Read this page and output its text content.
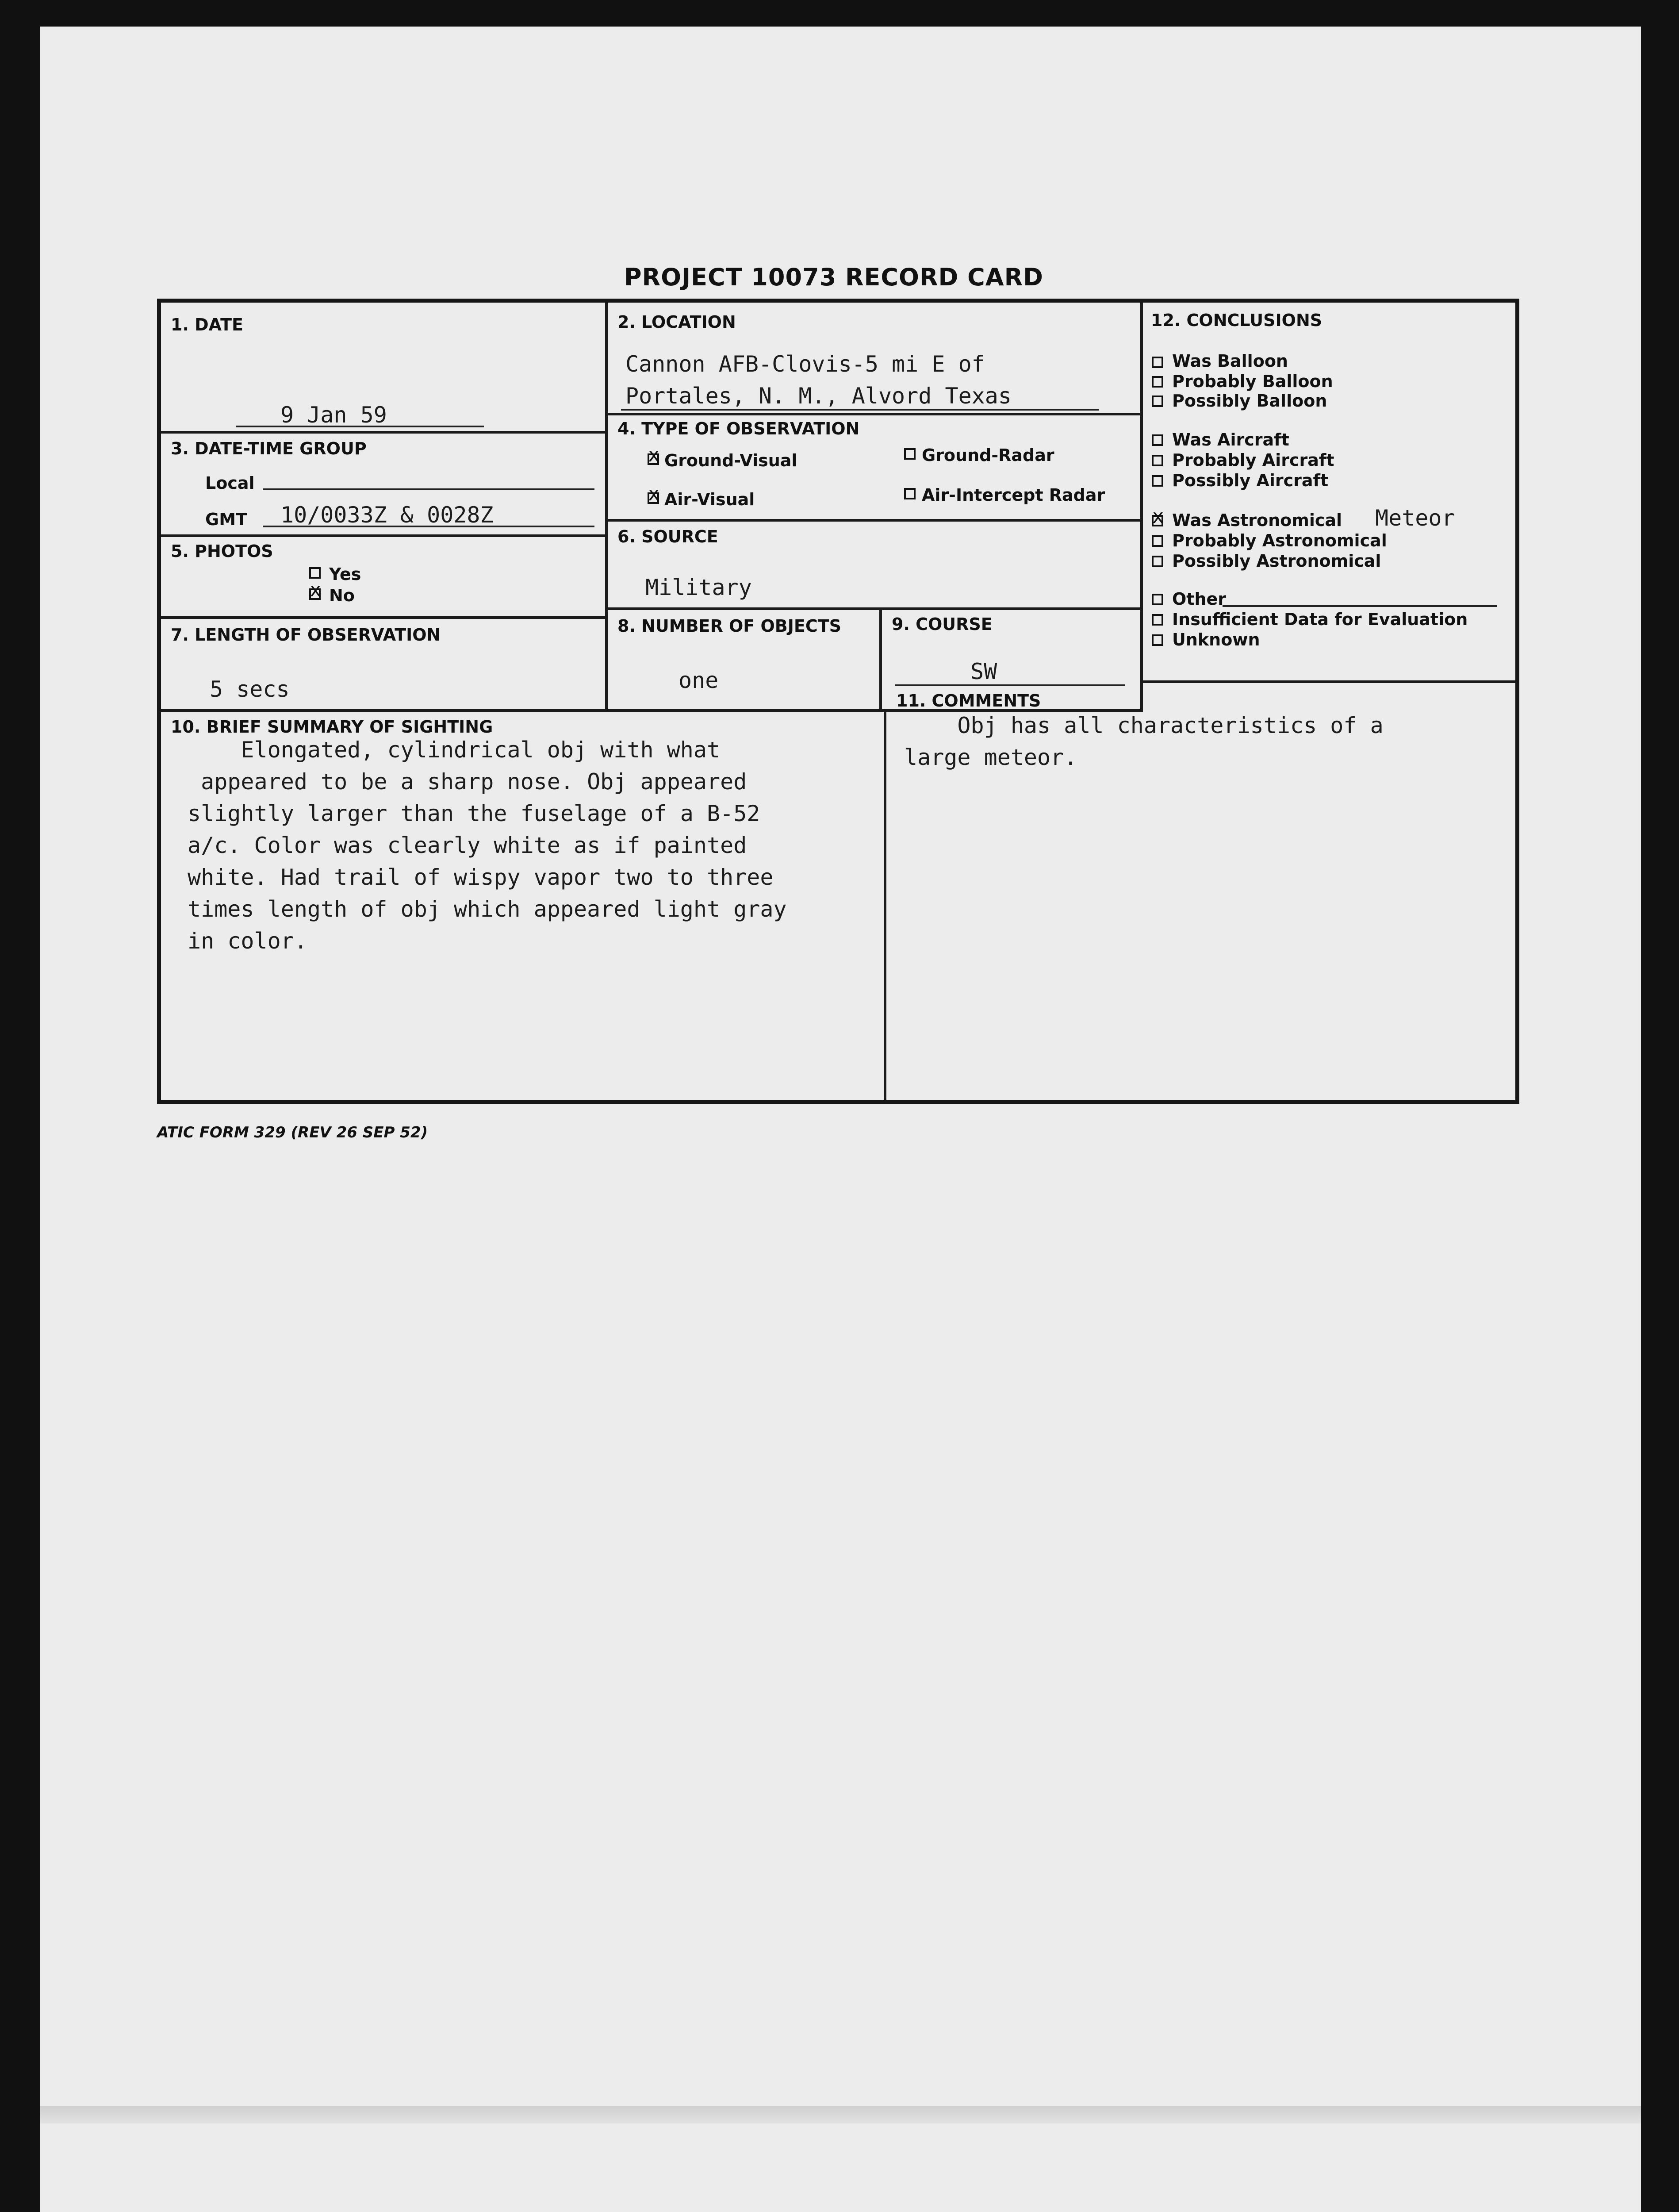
PROJECT 10073 RECORD CARD
1. DATE
9 Jan 59
3. DATE-TIME GROUP
Local
GMT 10/0033Z & 0028Z
5. PHOTOS
Yes
x
No
7. LENGTH OF OBSERVATION
5 secs
2. LOCATION
Cannon AFB-Clovis-5 mi E of
Portales, N. M., Alvord Texas
4. TYPE OF OBSERVATION
x
Ground-Visual	Ground-Radar
x
Air-Visual	Air-Intercept Radar
6. SOURCE
Military
8. NUMBER OF OBJECTS
one
9. COURSE
SW
12. CONCLUSIONS
Was Balloon
Probably Balloon
Possibly Balloon
Was Aircraft
Probably Aircraft
Possibly Aircraft
x
Was Astronomical Meteor
Probably Astronomical
Possibly Astronomical
Other
Insufficient Data for Evaluation
Unknown
10. BRIEF SUMMARY OF SIGHTING
Elongated, cylindrical obj with what
appeared to be a sharp nose. Obj appeared
slightly larger than the fuselage of a B-52
a/c. Color was clearly white as if painted
white. Had trail of wispy vapor two to three
times length of obj which appeared light gray
in color.
11. COMMENTS
Obj has all characteristics of a
large meteor.
ATIC FORM 329 (REV 26 SEP 52)
